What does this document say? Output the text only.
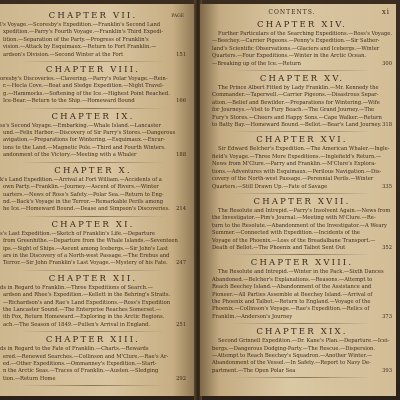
CHAPTER VII.	PAGE
l's Voyage.—Scoresby's Expedition.—Franklin's Second Land
xpedition.—Parry's Fourth Voyage.—Franklin's Third Expedi-
lition.—Separation of the Party.—Progress of Franklin's
vision.—Attack by Esquimaux.—Return to Fort Franklin.—
ardson's Division.—Second Winter at the Fort	151
CHAPTER VIII.
oresby's Discoveries.—Clavering.—Parry's Polar Voyage.—Rein-
r.—Hecla Cove.—Boat and Sledge Expedition.—Night Travel-
g.—Hammocks.—Softening of the Ice.—Highest Point Reached.
Ice-Bear.—Return to the Ship.—Homeward Bound	166
CHAPTER IX.
ss's Second Voyage.—Embarking.—Whale Island.—Lancaster
und.—Felix Harbor.—Discovery of Sir Parry's Stores.—Dangerous
avigation.—Preparations for Wintering.—Esquimaux.—Excur-
ions to the Land.—Magnetic Pole.—Third and Fourth Winters.
andonment of the Victory.—Meeting with a Whaler	188
CHAPTER X.
k's Land Expedition.—Arrival at Fort William.—Accidents of a
own Party.—Franklin.—Journey.—Ascent of Rivers.—Winter
uarters.—News of Ross's Safety.—Polar Sea.—Return to Eng-
nd.—Back's Voyage in the Terror.—Remarkable Perils among
he Ice.—Homeward Bound.—Dease and Simpson's Discoveries.	214
CHAPTER XI.
s's Last Expedition.—Sketch of Franklin's Life.—Departure
from Greenhithe.—Departure from the Whale Islands.—Seventeen
ips.—Sight of Ships.—Ascent among Icebergs.—Sir John's Last
ars in the Discovery of a North-west Passage.—The Erebus and
Terror.—Sir John Franklin's Last Voyage.—Mystery of his Fate.	247
CHAPTER XII.
ds in Regard to Franklin.—Three Expeditions of Search.—
ardson and Rhee's Expedition.—Kellett in the Behring's Straits.
—Richardson's and Rae's Land Expeditions.—Ross's Expedition
the Lancaster Sound.—The Enterprise Reaches Somerset.—
ith Fox, Return Homeward.—Exploring in the Arctic Regions.
ach.—The Season of 1849.—Pullen's Arrival in England.	251
CHAPTER XIII.
ds in Regard to the Fate of Franklin.—Charts.—Rewards
ered.—Renewed Searches.—Collinson and M'Clure.—Rae's Ar-
ed.—Other Expeditions.—Ommanney's Expedition.—Start-
n the Arctic Seas.—Traces of Franklin.—Austen.—Sledging
tion.—Return Home	292
CONTENTS.	xi
CHAPTER XIV.
Further Particulars of the Searching Expeditions.—Ross's Voyage.
—Beechey.—Carrier Pigeons.—Penny's Expedition.—Sir Sather-
land's Scientific Observations.—Glaciers and Icebergs.—Winter
Quarters.—Four Expeditions.—Winter in the Arctic Ocean.
—Breaking up of the Ice.—Return	300
CHAPTER XV.
The Prince Albert Fitted by Lady Franklin.—Mr. Kennedy the
Commander.—Taperwell.—Carrier Pigeons.—Disastrous Separ-
ation.—Belief and Bewilder.—Preparations for Wintering.—Wife
for Journeys.—Visit to Fury Beach.—The Grand Journey.—The
Fury's Stores.—Cheers and Happy Sons.—Cape Walker.—Return
to Batty Bay.—Homeward Bound.—Bellot.—Bear's Land Journey. 318
CHAPTER XVI.
Sir Edward Belcher's Expedition.—The American Whaler.—Ingle-
field's Voyage.—Three More Expeditions.—Inglefield's Return.—
News from M'Clure.—Parry and Franklin.—M'Clure's Explora-
tions.—Adventures with Esquimaux.—Perilous Navigation.—Dis-
covery of the North-west Passage.—Perennial Perils.—Winter
Quarters.—Still Drawn Up.—Fate of Savage	335
CHAPTER XVII.
The Resolute and Intrepid.—Parry's Insolvent Again.—News from
the Investigator.—Pim's Journal.—Meeting with M'Clure.—Re-
turn to the Resolute.—Abandonment of the Investigator.—A Weary
Summer.—Connected with Expedition.—Incidents of the
Voyage of the Phoenix.—Loss of the Breadalbane Transport.—
Death of Bellot.—The Phoenix and Talbot Sent Out	352
CHAPTER XVIII.
The Resolute and Intrepid.—Winter in the Pack.—Sixth Dances
Abandoned.—Belcher's Explanations.—Reasons.—Attempt to
Reach Beechey Island.—Abandonment of the Assistance and
Pioneer.—All Parties Assemble at Beechey Island.—Arrival of
the Phoenix and Talbot.—Return to England.—Voyage of the
Phoenix.—Collinson's Voyage.—Rae's Expedition.—Relics of
Franklin.—Anderson's Journey	373
CHAPTER XIX.
Second Grinnell Expedition.—Dr. Kane's Plan.—Departure.—Icei-
bergs.—Dangerous Dodging-Party.—The Rescue.—Dispersion.
—Attempt to Reach Beechey's Squadron.—Another Winter.—
Abandonment of the Vessel.—In Safety.—Report to Navy De-
partment.—The Open Polar Sea	393
